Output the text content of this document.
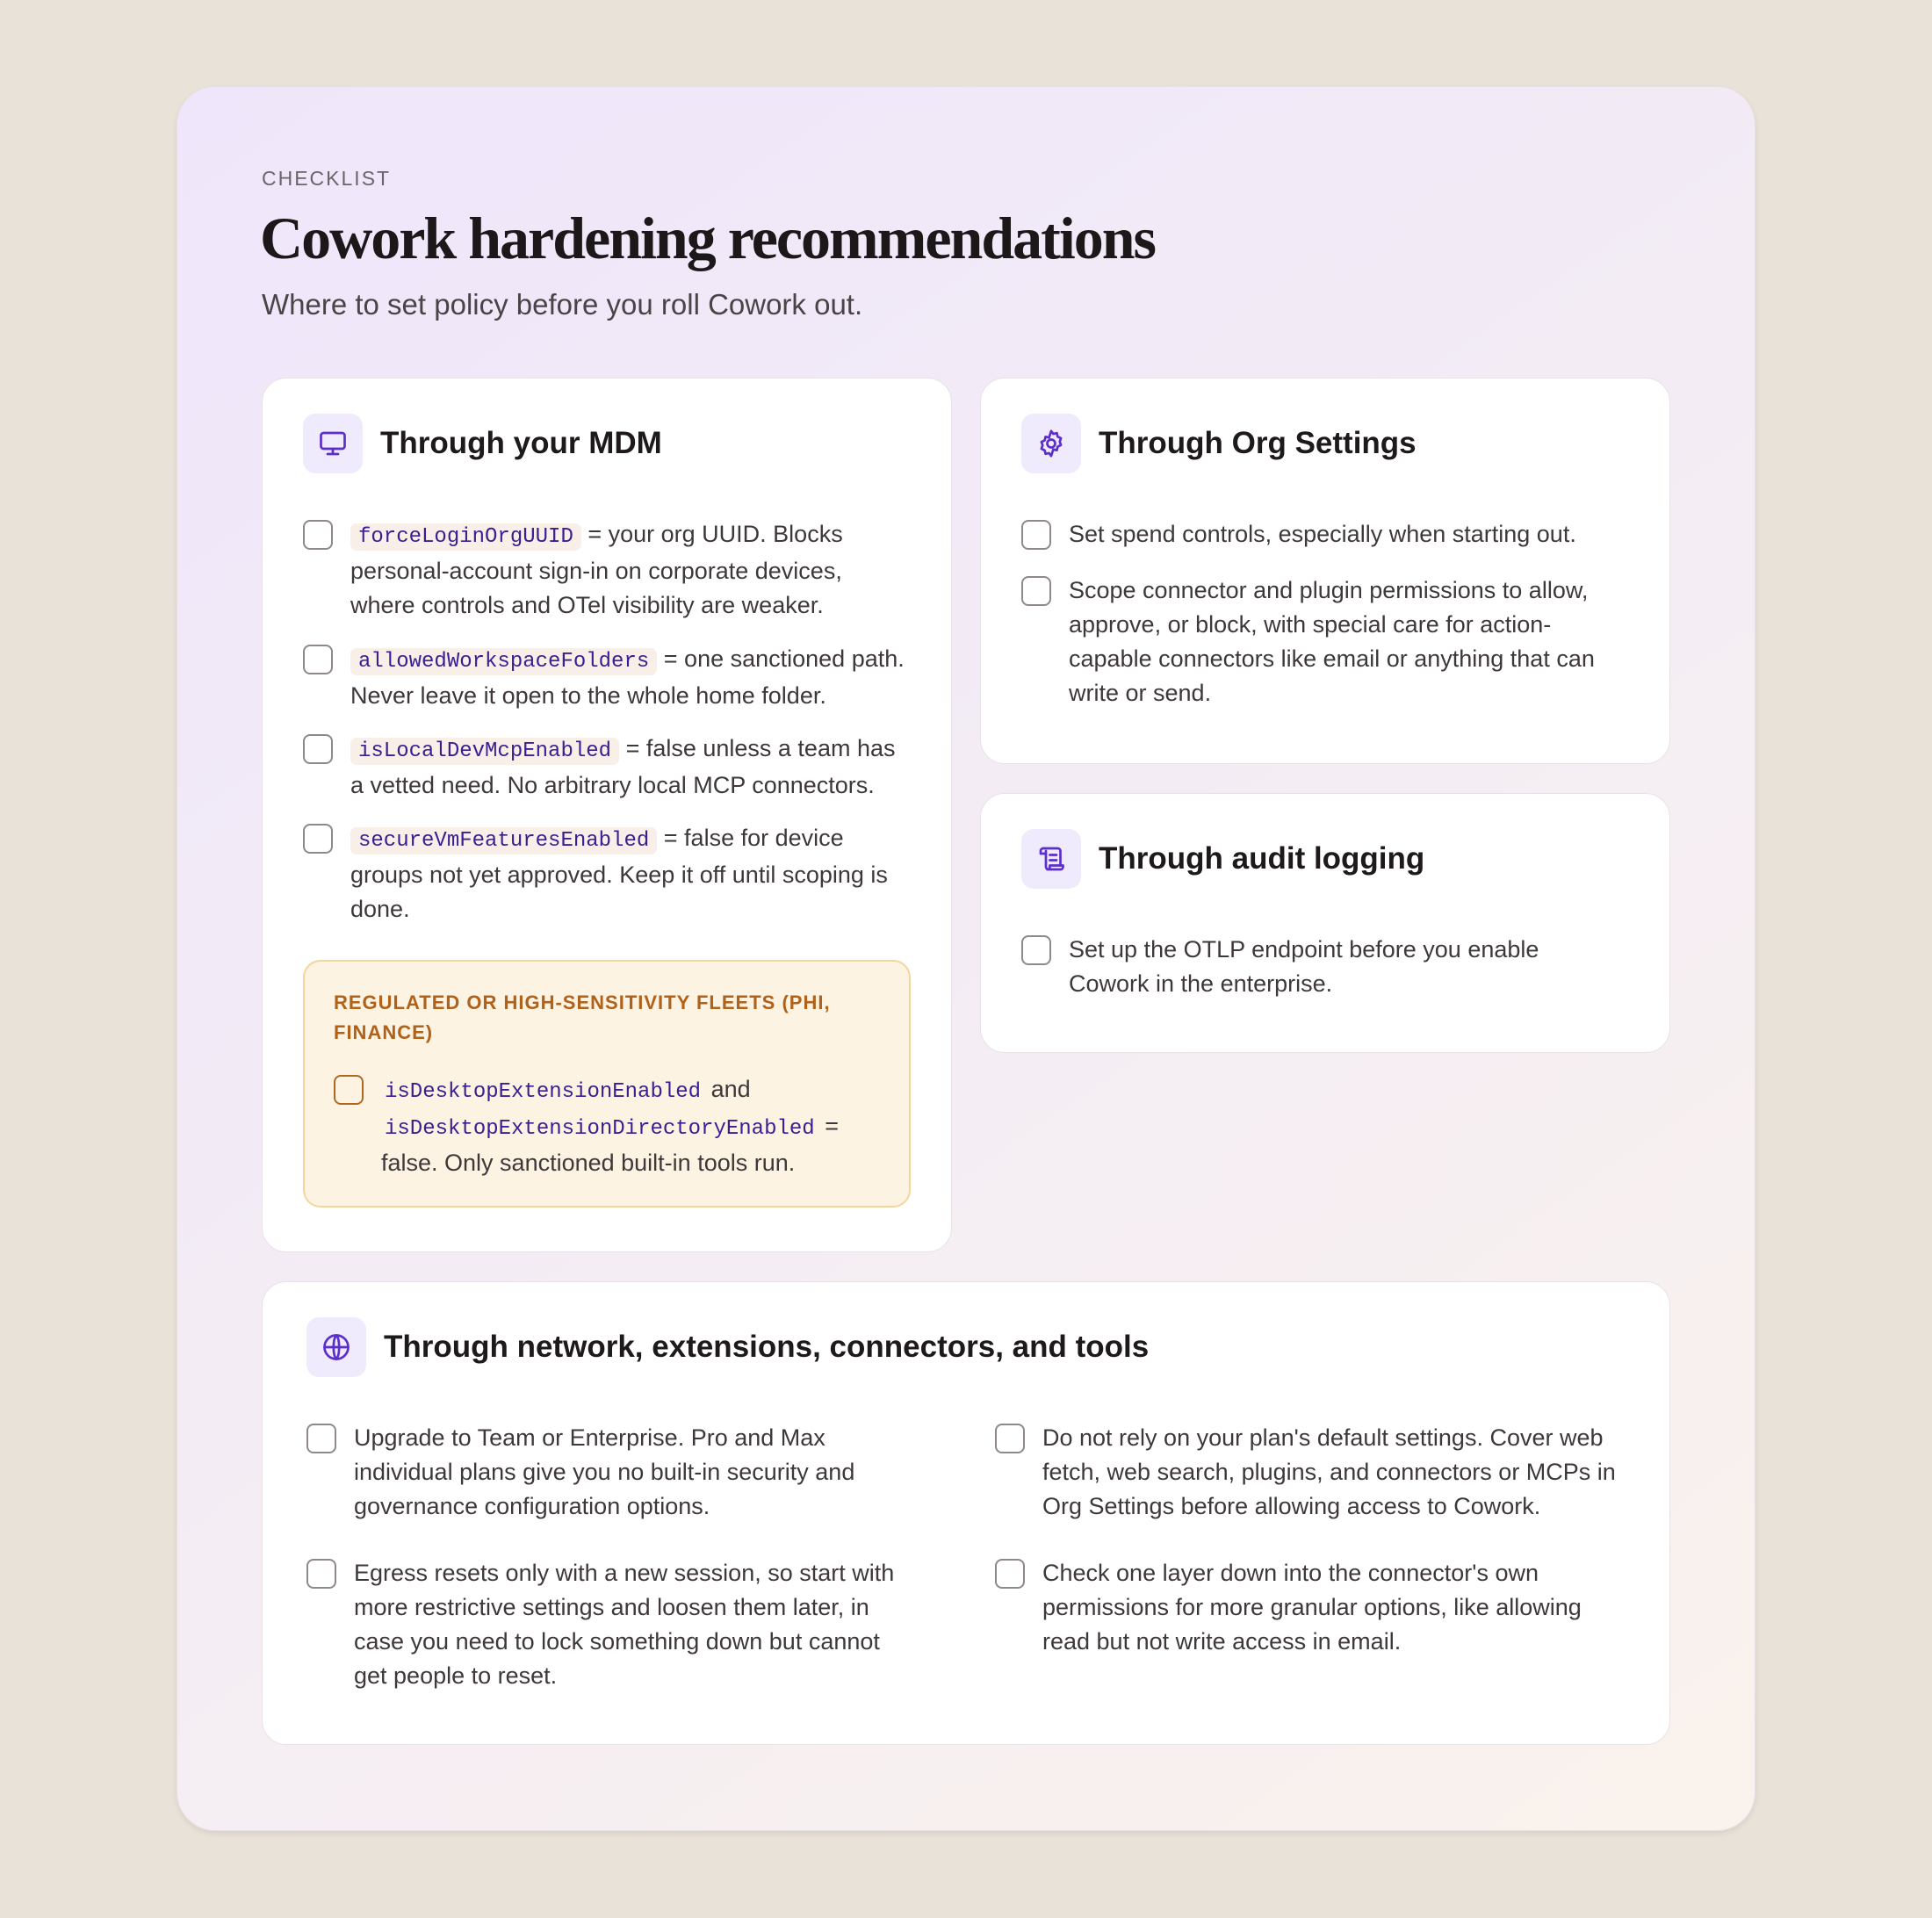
CHECKLIST
Cowork hardening recommendations
Where to set policy before you roll Cowork out.
Through your MDM
forceLoginOrgUUID = your org UUID. Blocks
personal-account sign-in on corporate devices,
where controls and OTel visibility are weaker.
allowedWorkspaceFolders = one sanctioned path.
Never leave it open to the whole home folder.
isLocalDevMcpEnabled = false unless a team has
a vetted need. No arbitrary local MCP connectors.
secureVmFeaturesEnabled = false for device
groups not yet approved. Keep it off until scoping is
done.
REGULATED OR HIGH-SENSITIVITY FLEETS (PHI, FINANCE)
isDesktopExtensionEnabled and
isDesktopExtensionDirectoryEnabled =
false. Only sanctioned built-in tools run.
Through Org Settings
Set spend controls, especially when starting out.
Scope connector and plugin permissions to allow,
approve, or block, with special care for action-
capable connectors like email or anything that can
write or send.
Through audit logging
Set up the OTLP endpoint before you enable
Cowork in the enterprise.
Through network, extensions, connectors, and tools
Upgrade to Team or Enterprise. Pro and Max
individual plans give you no built-in security and
governance configuration options.
Do not rely on your plan's default settings. Cover web
fetch, web search, plugins, and connectors or MCPs in
Org Settings before allowing access to Cowork.
Egress resets only with a new session, so start with
more restrictive settings and loosen them later, in
case you need to lock something down but cannot
get people to reset.
Check one layer down into the connector's own
permissions for more granular options, like allowing
read but not write access in email.
